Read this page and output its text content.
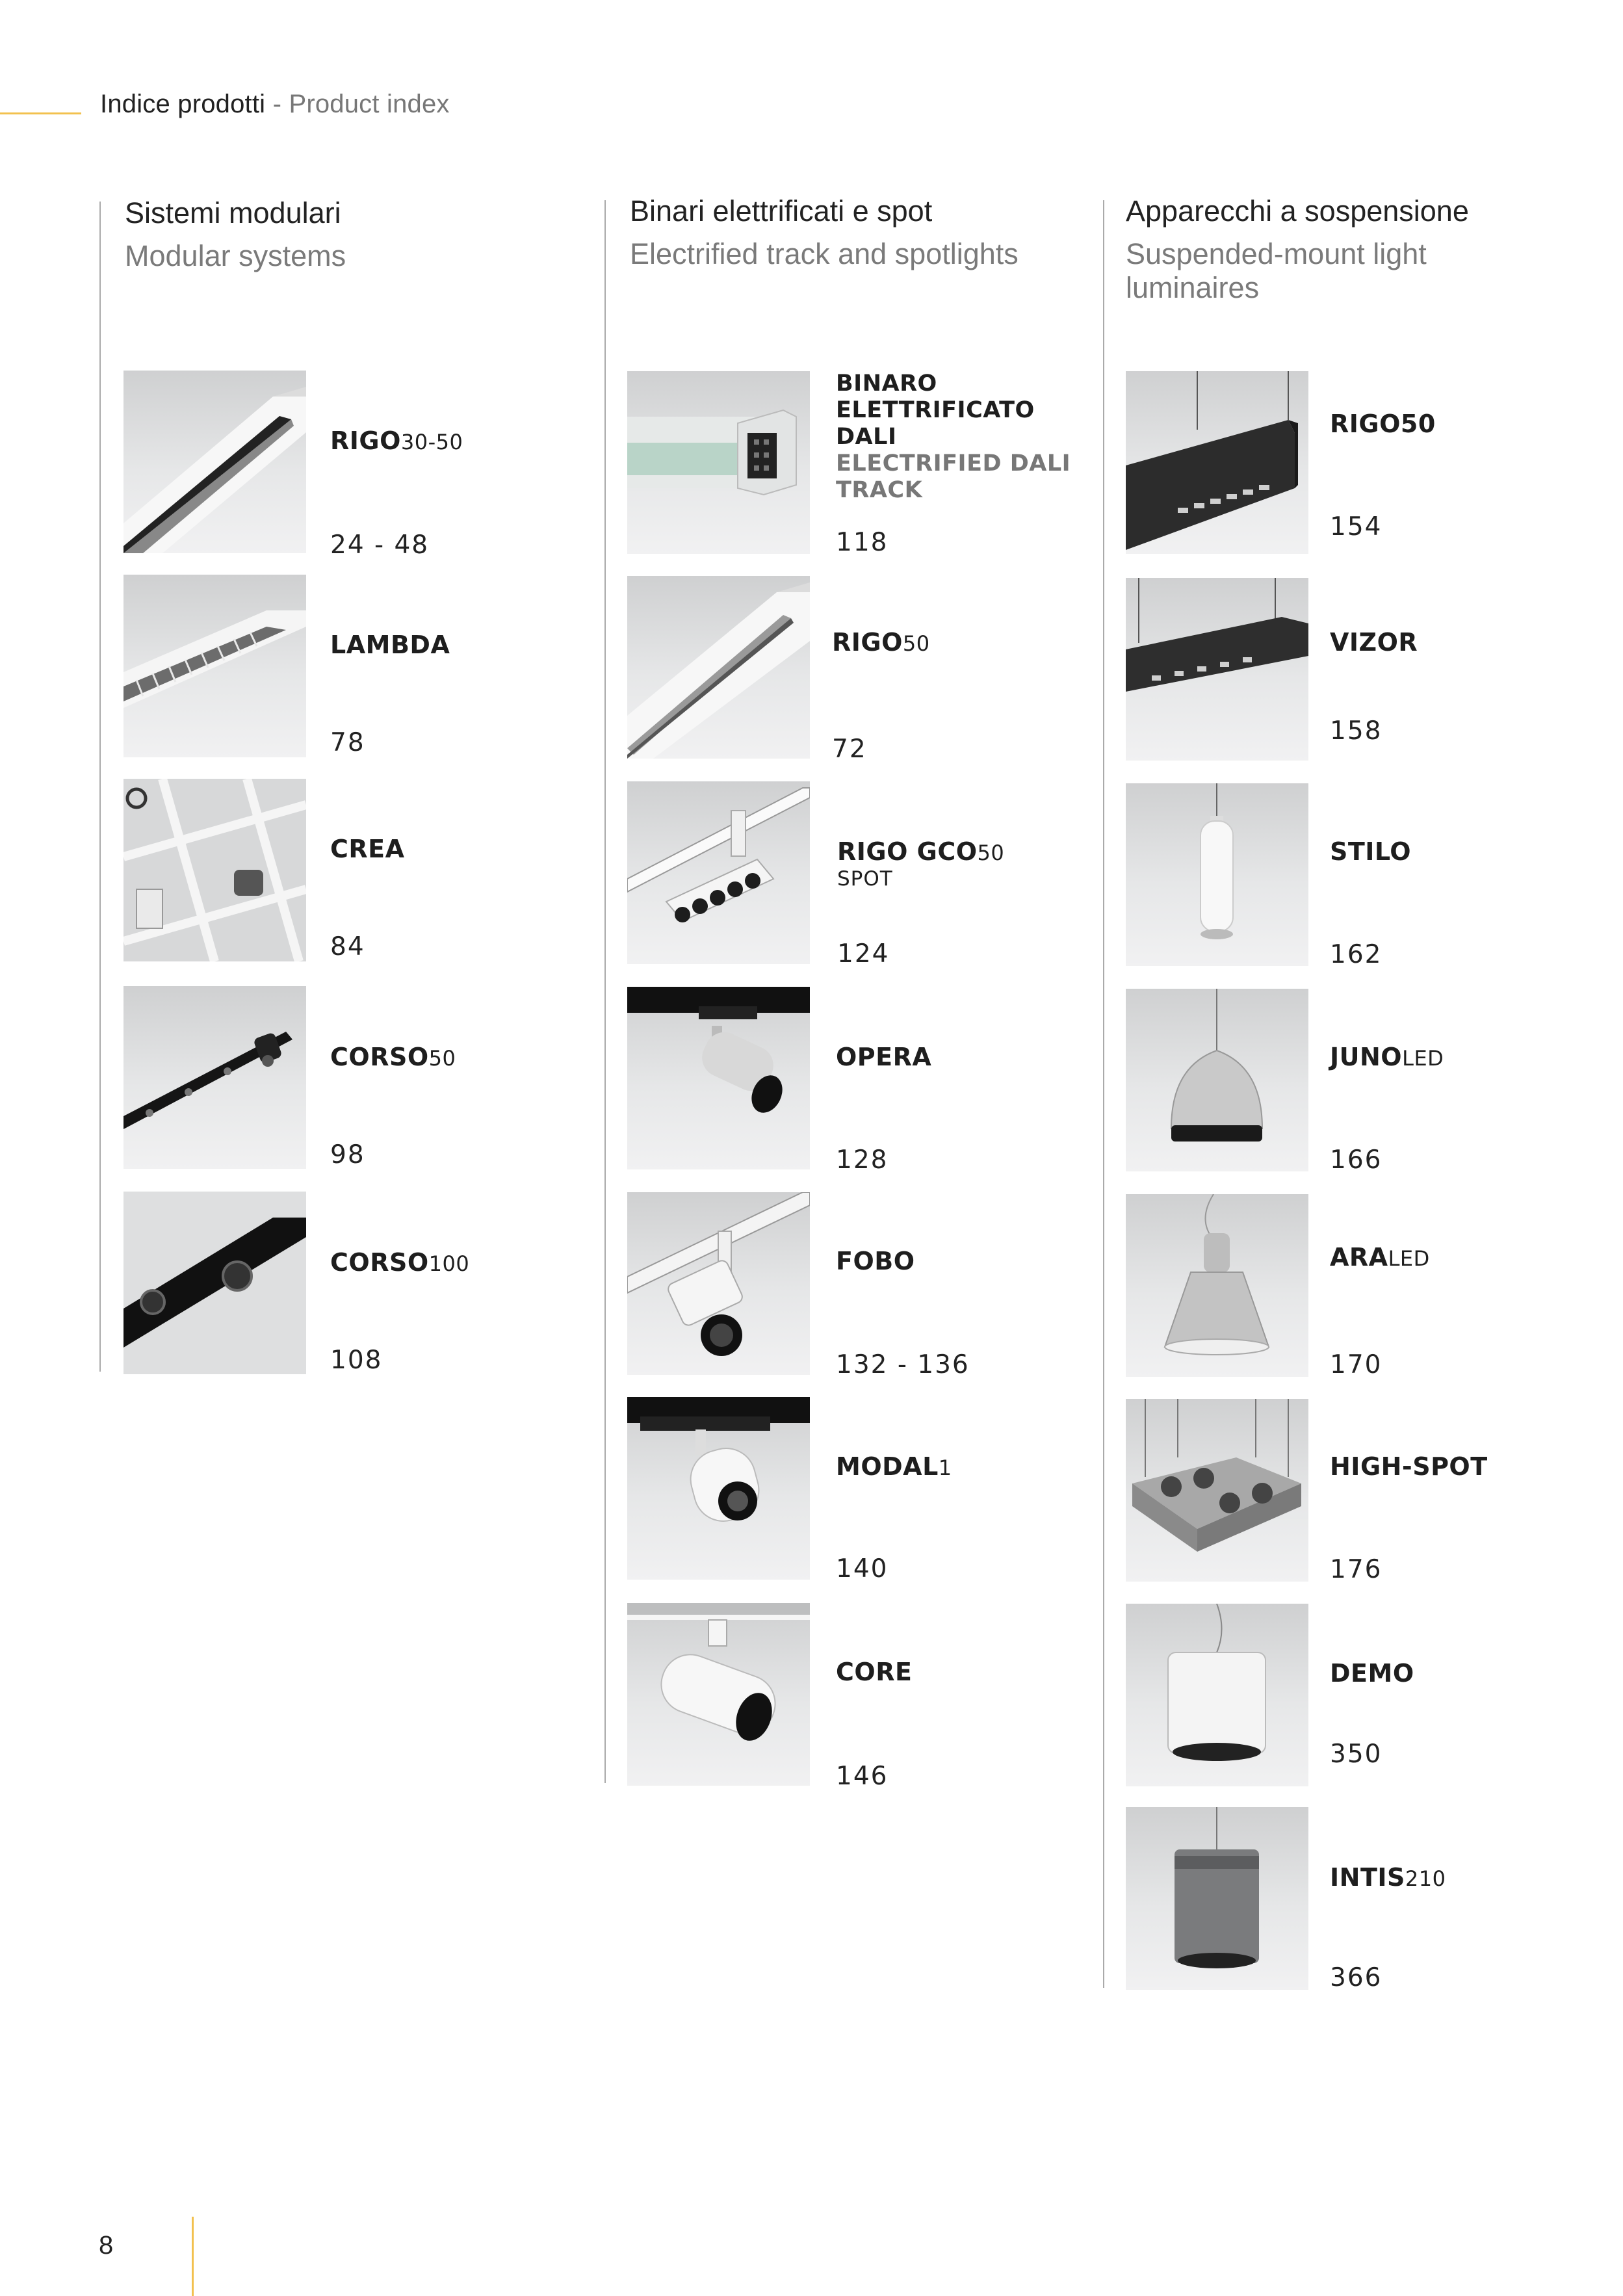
Indice prodotti - Product index
Sistemi modulari
Modular systems
Binari elettrificati e spot
Electrified track and spotlights
Apparecchi a sospensione
Suspended-mount light luminaires
RIGO30-50
24 - 48
LAMBDA
78
CREA
84
CORSO50
98
CORSO100
108
BINARO ELETTRIFICATO DALI
ELECTRIFIED DALI TRACK
118
RIGO50
72
RIGO GCO50
SPOT
124
OPERA
128
FOBO
132 - 136
MODAL1
140
CORE
146
RIGO50
154
VIZOR
158
STILO
162
JUNOLED
166
ARALED
170
HIGH-SPOT
176
DEMO
350
INTIS210
366
8
